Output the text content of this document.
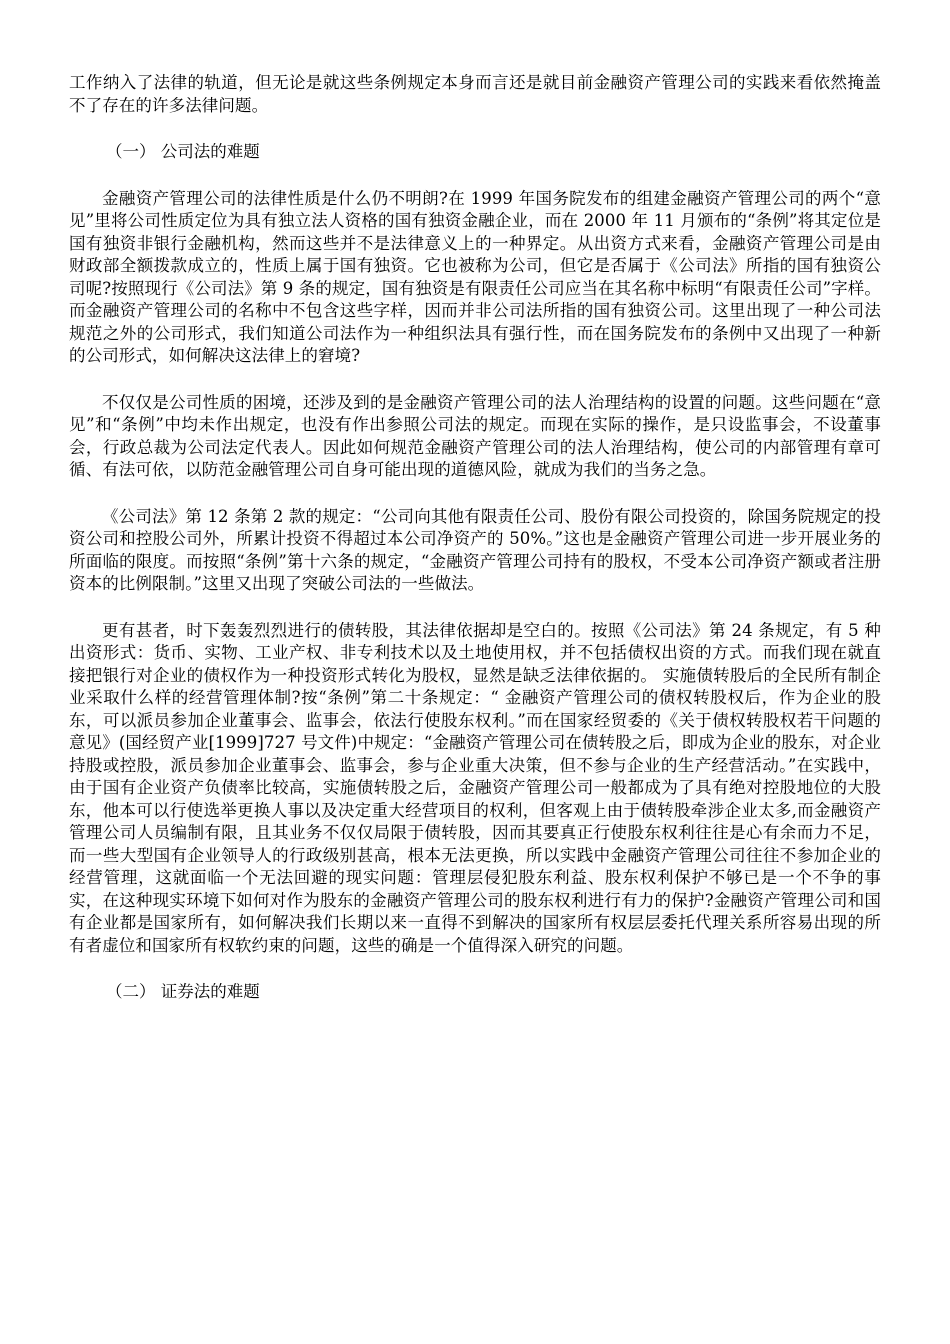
工作纳入了法律的轨道，但无论是就这些条例规定本身而言还是就目前金融资产管理公司的实践来看依然掩盖不了存在的许多法律问题。

（一） 公司法的难题

金融资产管理公司的法律性质是什么仍不明朗?在 1999 年国务院发布的组建金融资产管理公司的两个“意见”里将公司性质定位为具有独立法人资格的国有独资金融企业，而在 2000 年 11 月颁布的“条例”将其定位是国有独资非银行金融机构，然而这些并不是法律意义上的一种界定。从出资方式来看，金融资产管理公司是由财政部全额拨款成立的，性质上属于国有独资。它也被称为公司，但它是否属于《公司法》所指的国有独资公司呢?按照现行《公司法》第 9 条的规定，国有独资是有限责任公司应当在其名称中标明“有限责任公司”字样。而金融资产管理公司的名称中不包含这些字样，因而并非公司法所指的国有独资公司。这里出现了一种公司法规范之外的公司形式，我们知道公司法作为一种组织法具有强行性，而在国务院发布的条例中又出现了一种新的公司形式，如何解决这法律上的窘境?

不仅仅是公司性质的困境，还涉及到的是金融资产管理公司的法人治理结构的设置的问题。这些问题在“意见”和“条例”中均未作出规定，也没有作出参照公司法的规定。而现在实际的操作，是只设监事会，不设董事会，行政总裁为公司法定代表人。因此如何规范金融资产管理公司的法人治理结构，使公司的内部管理有章可循、有法可依，以防范金融管理公司自身可能出现的道德风险，就成为我们的当务之急。

《公司法》第 12 条第 2 款的规定：“公司向其他有限责任公司、股份有限公司投资的，除国务院规定的投资公司和控股公司外，所累计投资不得超过本公司净资产的 50%。”这也是金融资产管理公司进一步开展业务的所面临的限度。而按照“条例”第十六条的规定，“金融资产管理公司持有的股权，不受本公司净资产额或者注册资本的比例限制。”这里又出现了突破公司法的一些做法。

更有甚者，时下轰轰烈烈进行的债转股，其法律依据却是空白的。按照《公司法》第 24 条规定，有 5 种出资形式：货币、实物、工业产权、非专利技术以及土地使用权，并不包括债权出资的方式。而我们现在就直接把银行对企业的债权作为一种投资形式转化为股权，显然是缺乏法律依据的。 实施债转股后的全民所有制企业采取什么样的经营管理体制?按“条例”第二十条规定：“ 金融资产管理公司的债权转股权后，作为企业的股东，可以派员参加企业董事会、监事会，依法行使股东权利。”而在国家经贸委的《关于债权转股权若干问题的意见》(国经贸产业[1999]727 号文件)中规定：“金融资产管理公司在债转股之后，即成为企业的股东，对企业持股或控股，派员参加企业董事会、监事会，参与企业重大决策，但不参与企业的生产经营活动。”在实践中，由于国有企业资产负债率比较高，实施债转股之后，金融资产管理公司一般都成为了具有绝对控股地位的大股东，他本可以行使选举更换人事以及决定重大经营项目的权利，但客观上由于债转股牵涉企业太多,而金融资产管理公司人员编制有限，且其业务不仅仅局限于债转股，因而其要真正行使股东权利往往是心有余而力不足，而一些大型国有企业领导人的行政级别甚高，根本无法更换，所以实践中金融资产管理公司往往不参加企业的经营管理，这就面临一个无法回避的现实问题：管理层侵犯股东利益、股东权利保护不够已是一个不争的事实，在这种现实环境下如何对作为股东的金融资产管理公司的股东权利进行有力的保护?金融资产管理公司和国有企业都是国家所有，如何解决我们长期以来一直得不到解决的国家所有权层层委托代理关系所容易出现的所有者虚位和国家所有权软约束的问题，这些的确是一个值得深入研究的问题。

（二） 证券法的难题
